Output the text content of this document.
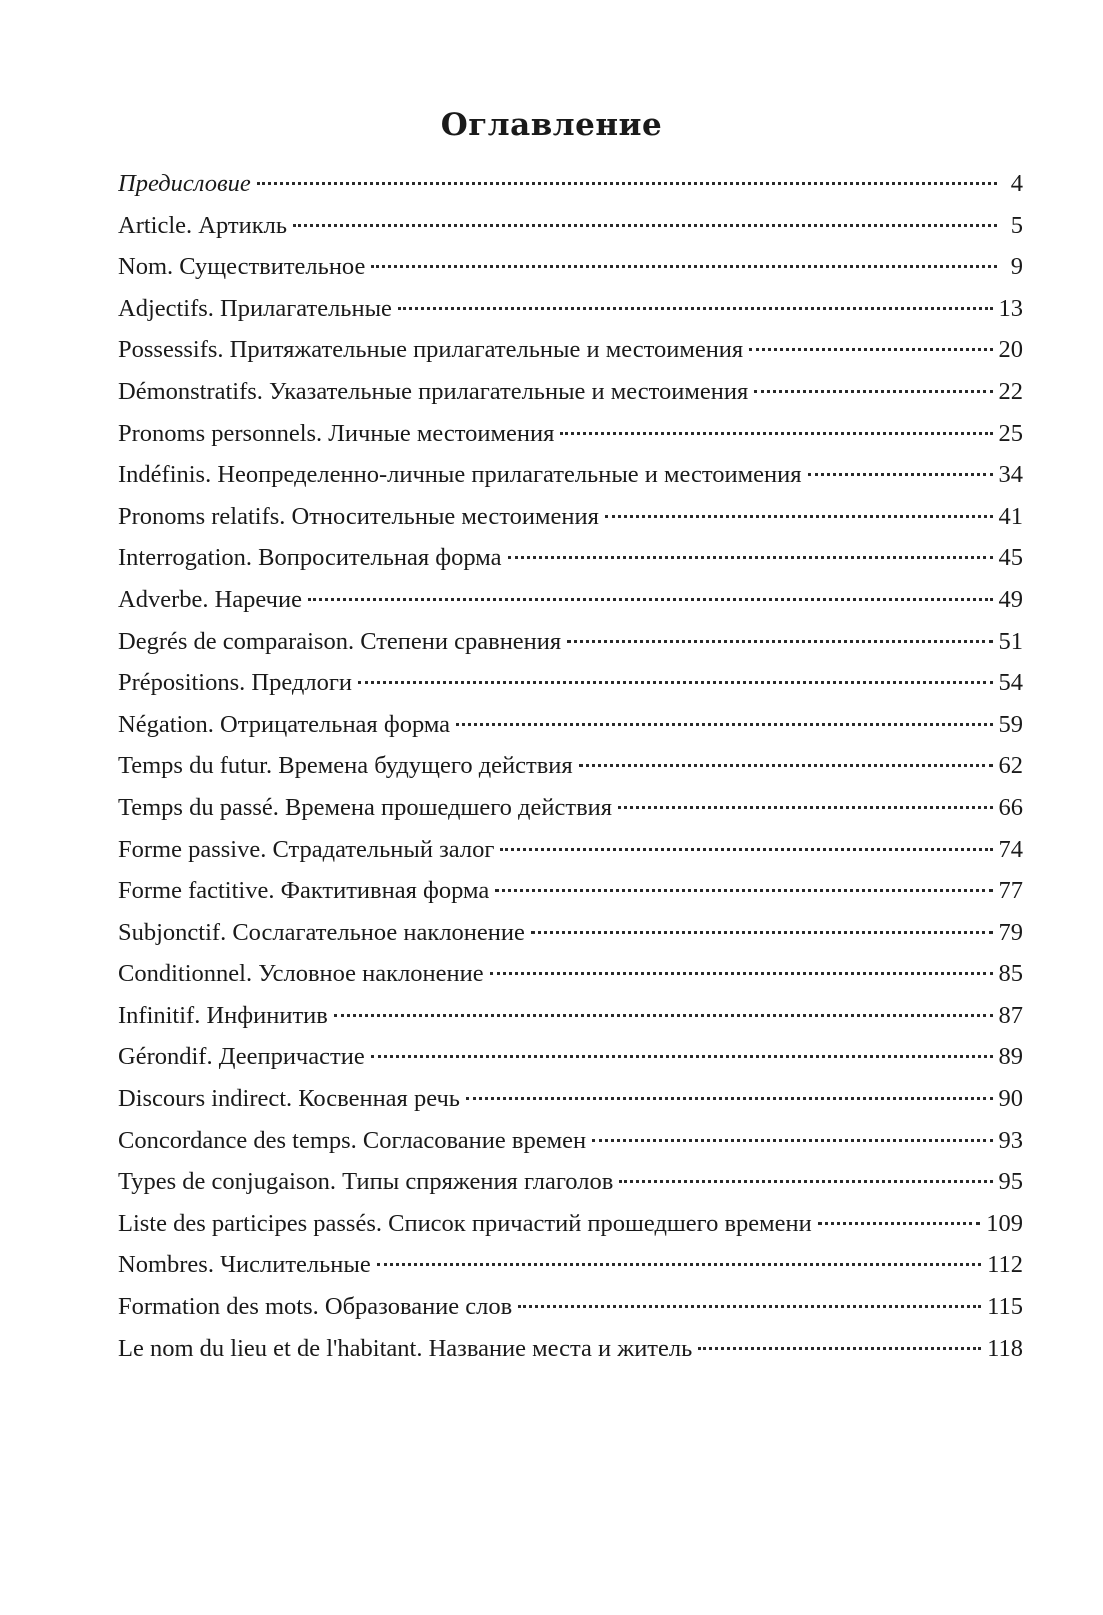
Оглавление
Предисловие	4
Article. Артикль	5
Nom. Существительное	9
Adjectifs. Прилагательные	13
Possessifs. Притяжательные прилагательные и местоимения	20
Démonstratifs. Указательные прилагательные и местоимения	22
Pronoms personnels. Личные местоимения	25
Indéfinis. Неопределенно-личные прилагательные и местоимения	34
Pronoms relatifs. Относительные местоимения	41
Interrogation. Вопросительная форма	45
Adverbe. Наречие	49
Degrés de comparaison. Степени сравнения	51
Prépositions. Предлоги	54
Négation. Отрицательная форма	59
Temps du futur. Времена будущего действия	62
Temps du passé. Времена прошедшего действия	66
Forme passive. Страдательный залог	74
Forme factitive. Фактитивная форма	77
Subjonctif. Сослагательное наклонение	79
Conditionnel. Условное наклонение	85
Infinitif. Инфинитив	87
Gérondif. Деепричастие	89
Discours indirect. Косвенная речь	90
Concordance des temps. Согласование времен	93
Types de conjugaison. Типы спряжения глаголов	95
Liste des participes passés. Список причастий прошедшего времени	109
Nombres. Числительные	112
Formation des mots. Образование слов	115
Le nom du lieu et de l'habitant. Название места и житель	118
